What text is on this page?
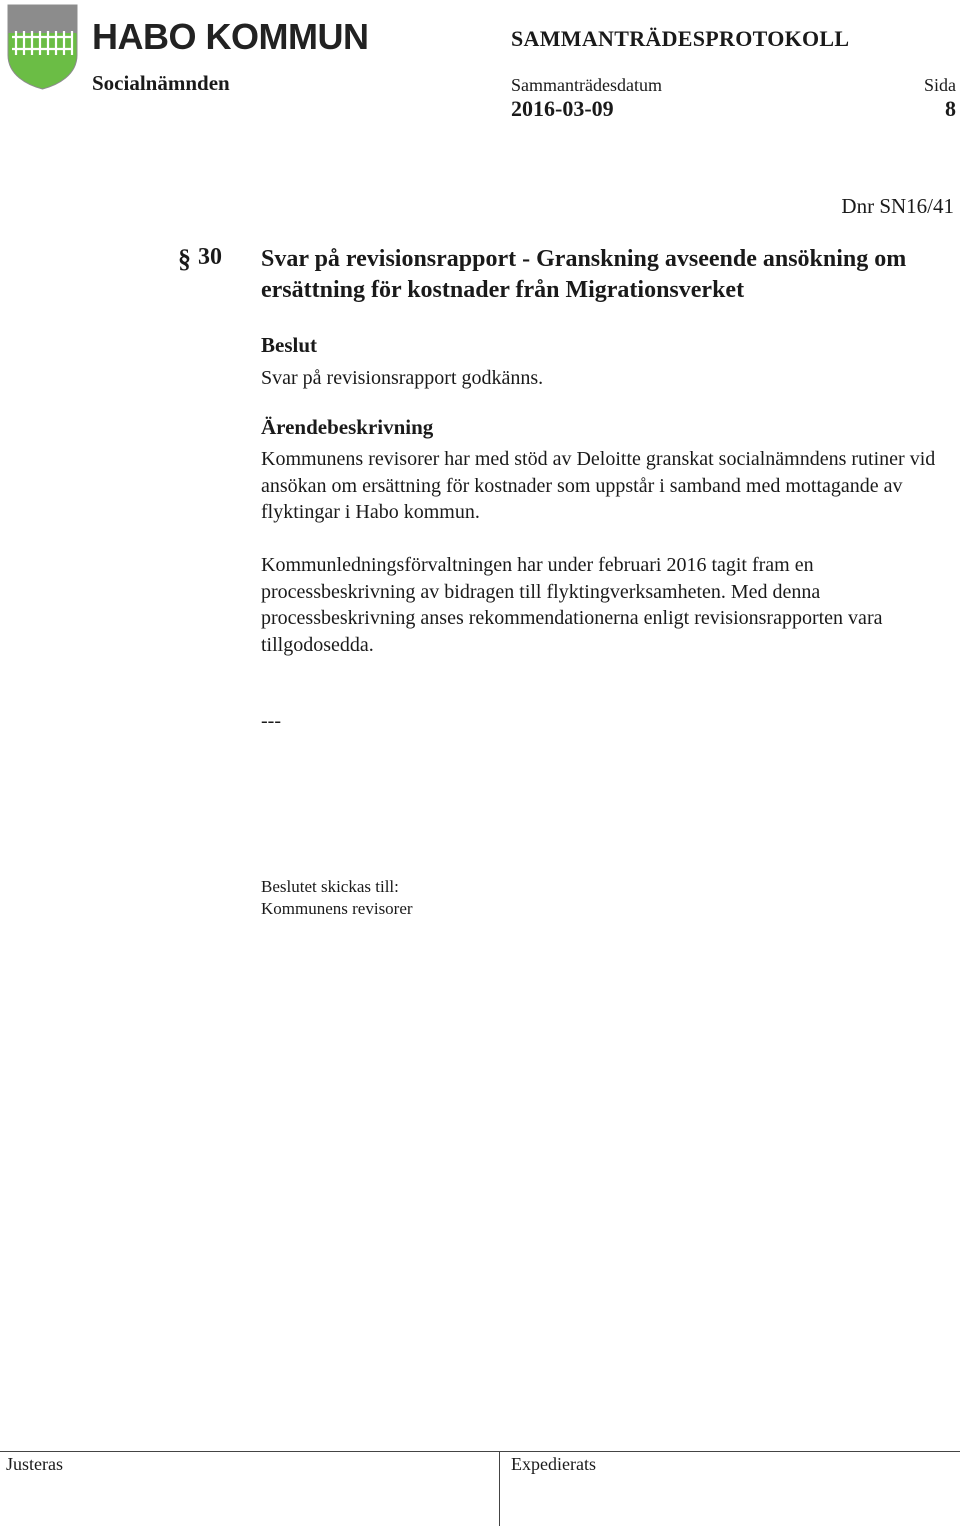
HABO KOMMUN
Socialnämnden
SAMMANTRÄDESPROTOKOLL
Sammanträdesdatum	Sida
2016-03-09	8
Dnr SN16/41
§ 30 Svar på revisionsrapport - Granskning avseende ansökning om ersättning för kostnader från Migrationsverket
Beslut
Svar på revisionsrapport godkänns.
Ärendebeskrivning
Kommunens revisorer har med stöd av Deloitte granskat socialnämndens rutiner vid ansökan om ersättning för kostnader som uppstår i samband med mottagande av flyktingar i Habo kommun.
Kommunledningsförvaltningen har under februari 2016 tagit fram en processbeskrivning av bidragen till flyktingverksamheten. Med denna processbeskrivning anses rekommendationerna enligt revisionsrapporten vara tillgodosedda.
---
Beslutet skickas till:
Kommunens revisorer
Justeras	Expedierats
